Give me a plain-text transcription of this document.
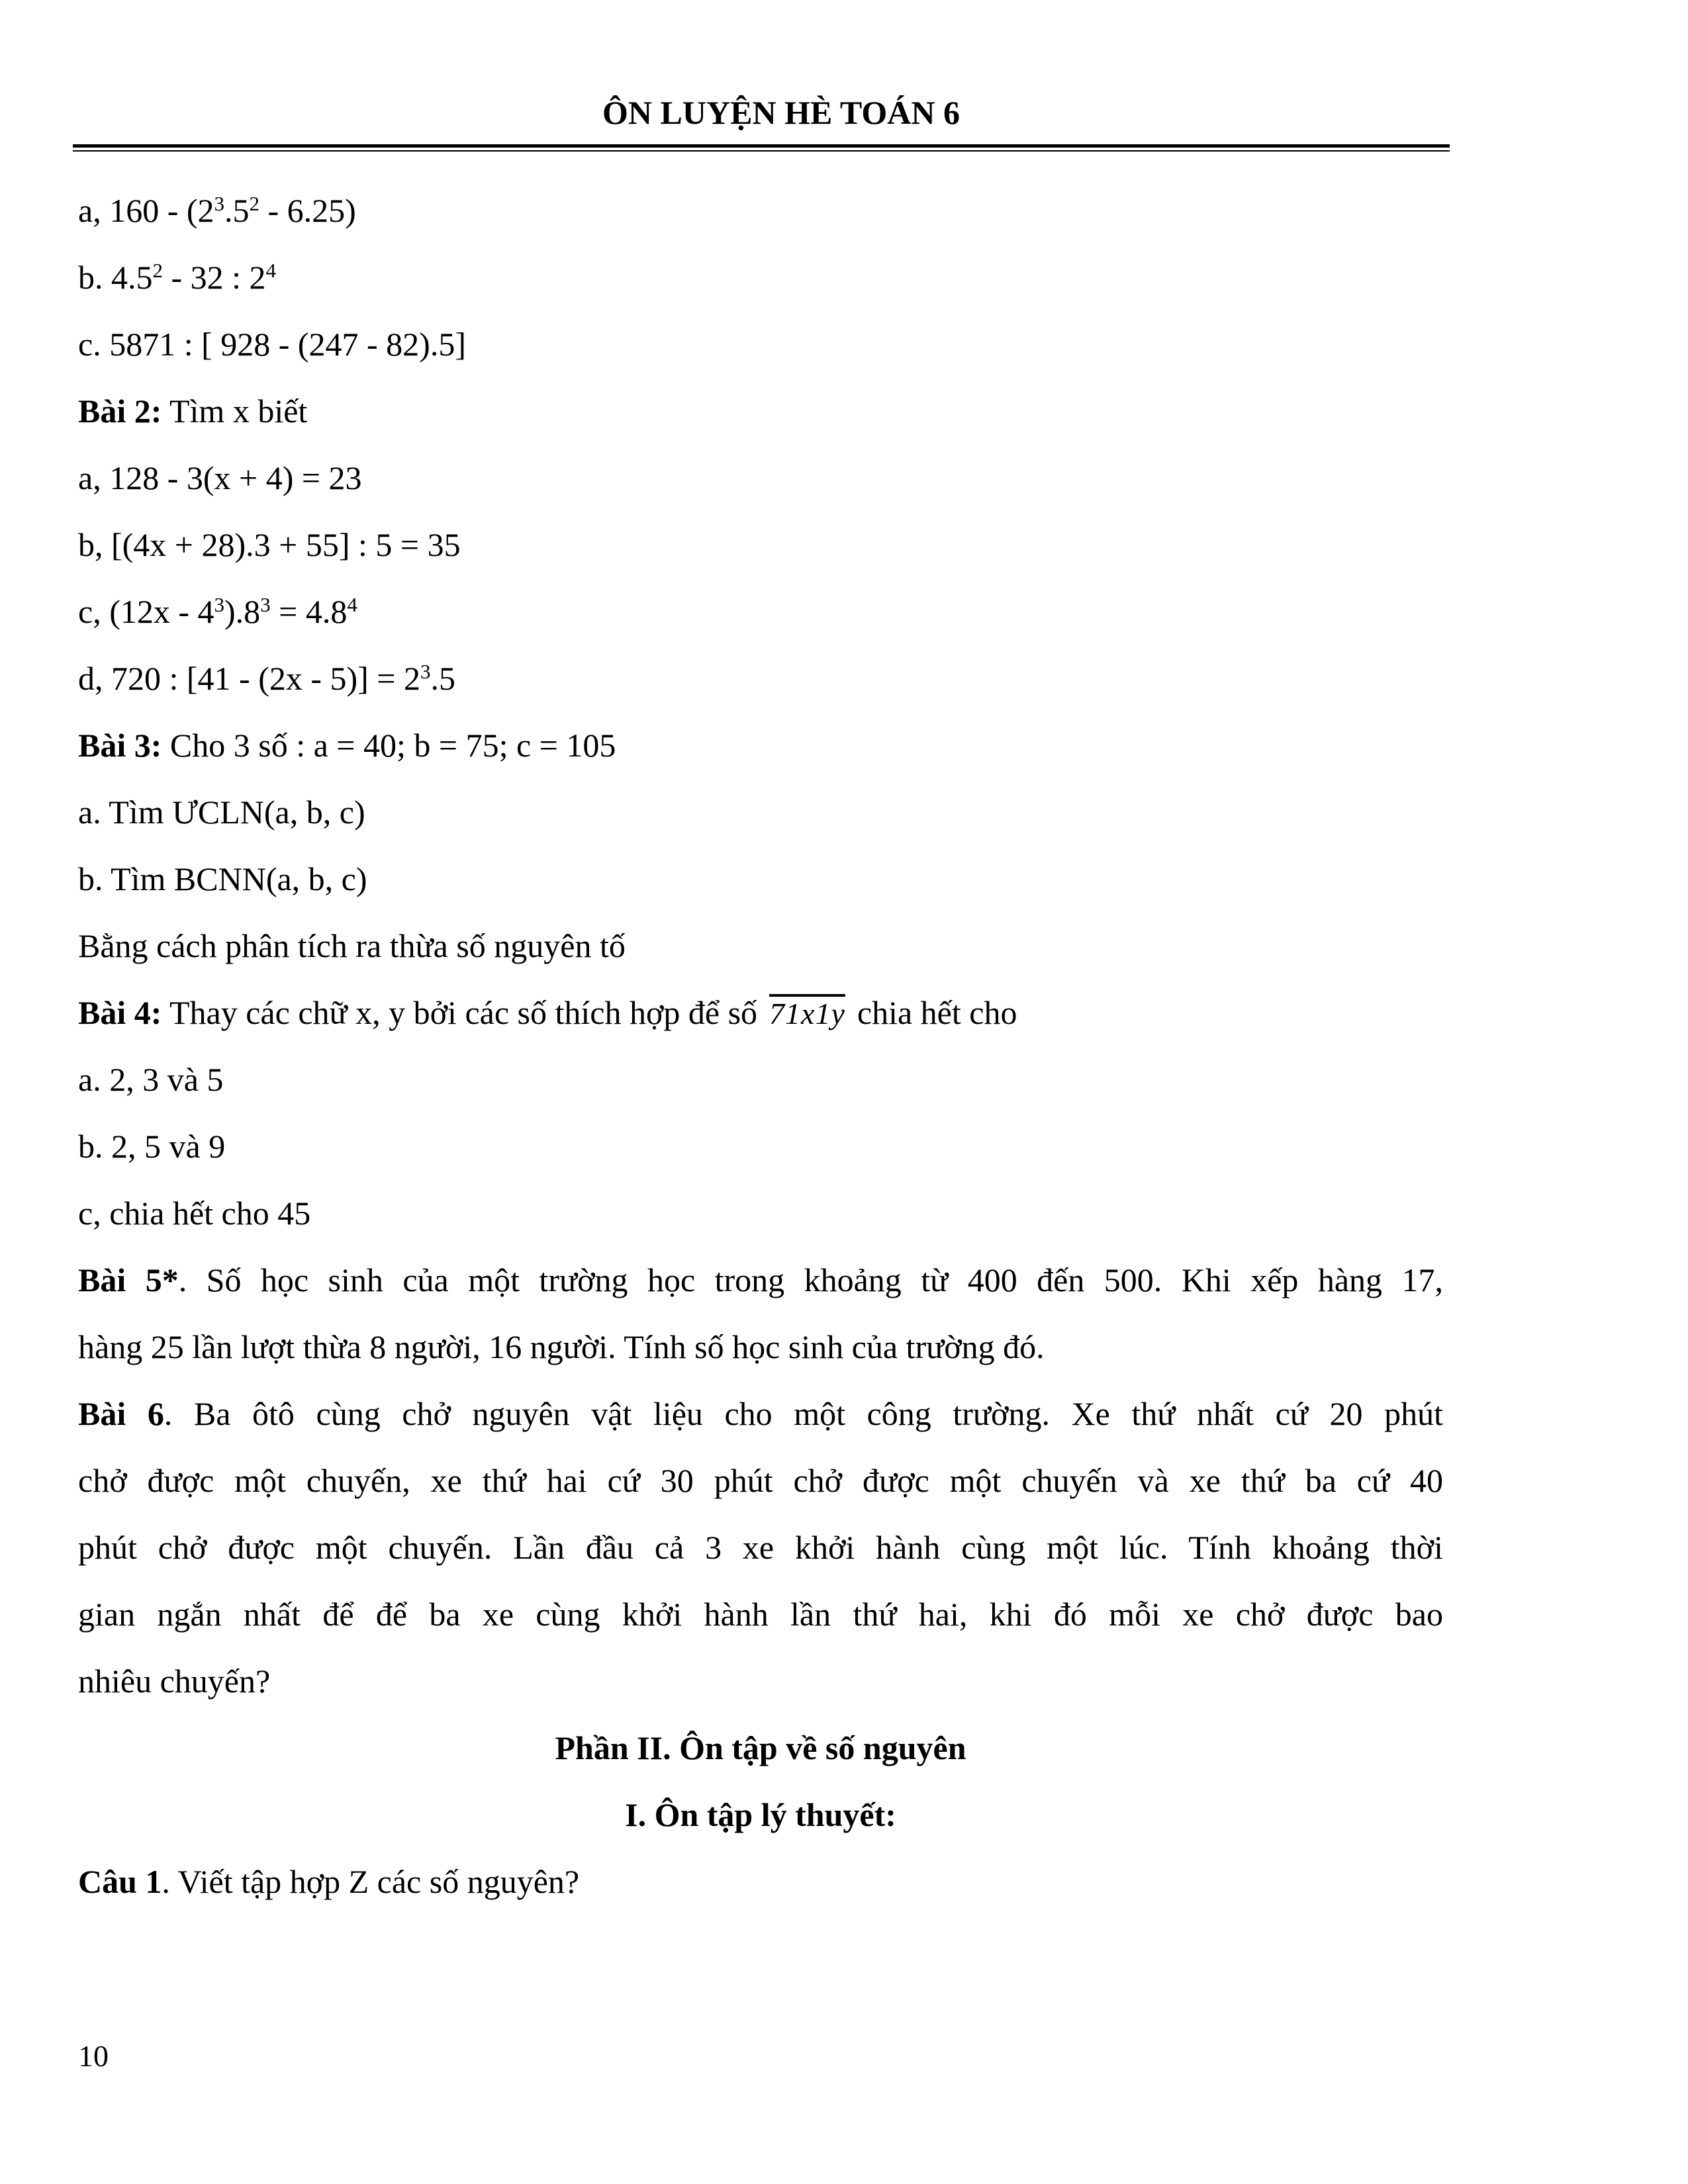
ÔN LUYỆN HÈ TOÁN 6
a, $160 - (2^3.5^2 - 6.25)$
b. $4.5^2 - 32$ : $2^4$
c. 5871 : [ 928 - (247 - 82).5]
Bài 2: Tìm x biết
a, 128 - 3(x + 4) = 23
b, [(4x + 28).3 + 55] : 5 = 35
c, $(12x - 4^3).8^3 = 4.8^4$
d, 720 : $[41 - (2x - 5)] = 2^3.5$
Bài 3: Cho 3 số : a = 40; b = 75; c = 105
a. Tìm ƯCLN(a, b, c)
b. Tìm BCNN(a, b, c)
Bằng cách phân tích ra thừa số nguyên tố
Bài 4: Thay các chữ x, y bởi các số thích hợp để số 71x1y chia hết cho
a. 2, 3 và 5
b. 2, 5 và 9
c, chia hết cho 45
Bài 5*. Số học sinh của một trường học trong khoảng từ 400 đến 500. Khi xếp hàng 17,
hàng 25 lần lượt thừa 8 người, 16 người. Tính số học sinh của trường đó.
Bài 6. Ba ôtô cùng chở nguyên vật liệu cho một công trường. Xe thứ nhất cứ 20 phút
chở được một chuyến, xe thứ hai cứ 30 phút chở được một chuyến và xe thứ ba cứ 40
phút chở được một chuyến. Lần đầu cả 3 xe khởi hành cùng một lúc. Tính khoảng thời
gian ngắn nhất để để ba xe cùng khởi hành lần thứ hai, khi đó mỗi xe chở được bao
nhiêu chuyến?
Phần II. Ôn tập về số nguyên
I. Ôn tập lý thuyết:
Câu 1. Viết tập hợp Z các số nguyên?
10
